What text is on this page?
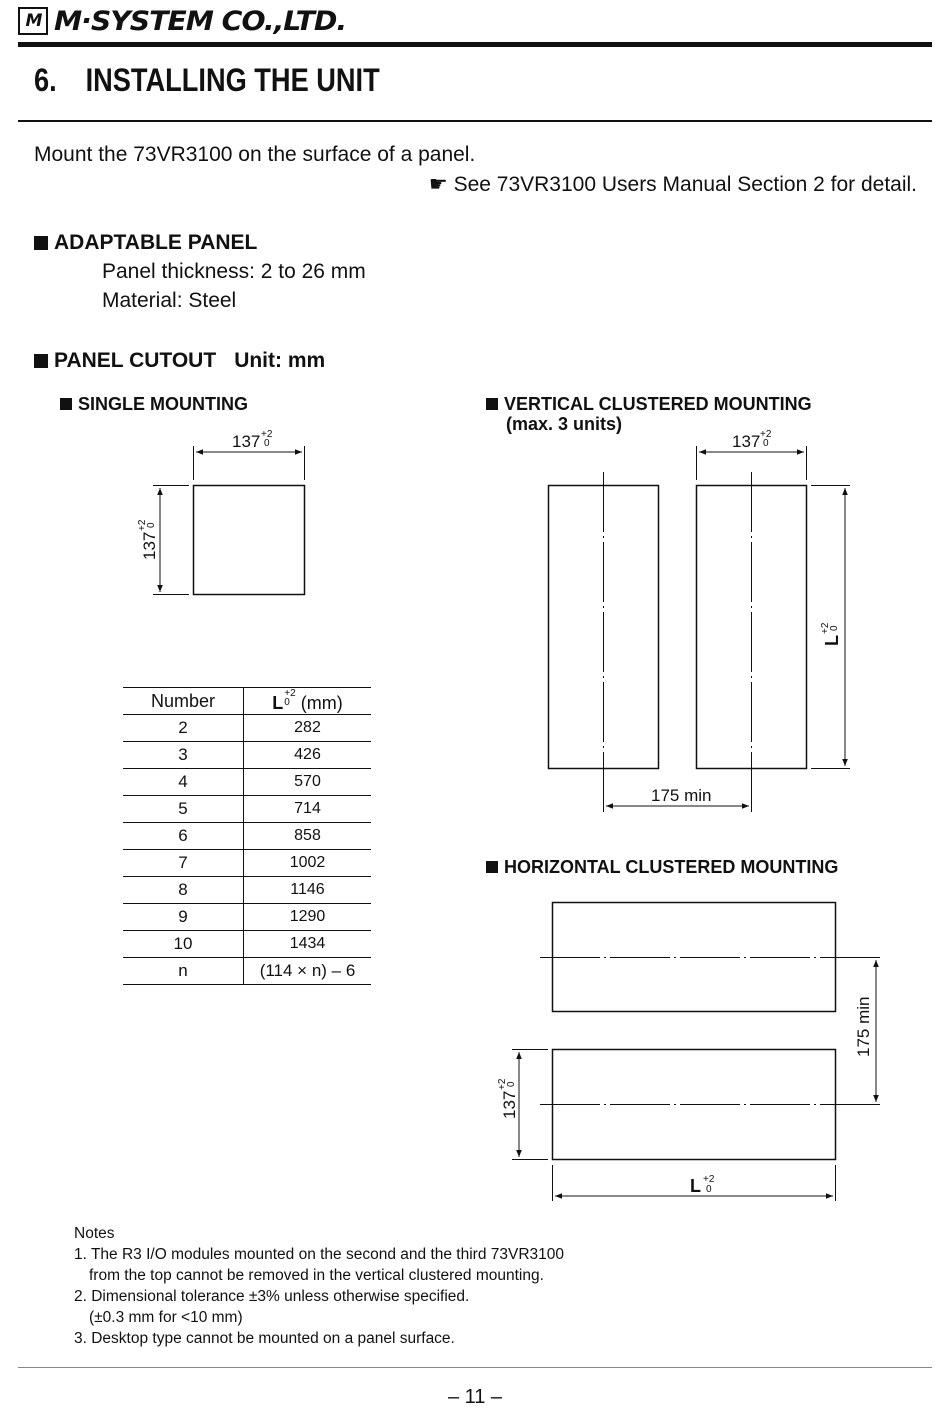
M M·SYSTEM CO.,LTD.
6. INSTALLING THE UNIT
Mount the 73VR3100 on the surface of a panel.
☛ See 73VR3100 Users Manual Section 2 for detail.
ADAPTABLE PANEL
Panel thickness: 2 to 26 mm
Material: Steel
PANEL CUTOUT Unit: mm
SINGLE MOUNTING	VERTICAL CLUSTERED MOUNTING
(max. 3 units)
HORIZONTAL CLUSTERED MOUNTING
137 +2
0
137
+2
0
137 +2
0
L
+2
0
175 min
175 min
137
+2
0
L +2
0
Number	L+2
0 (mm)
2	282
3	426
4	570
5	714
6	858
7	1002
8	1146
9	1290
10	1434
n	(114 × n) – 6
Notes
1. The R3 I/O modules mounted on the second and the third 73VR3100
from the top cannot be removed in the vertical clustered mounting.
2. Dimensional tolerance ±3% unless otherwise specified.
(±0.3 mm for <10 mm)
3. Desktop type cannot be mounted on a panel surface.
– 11 –
